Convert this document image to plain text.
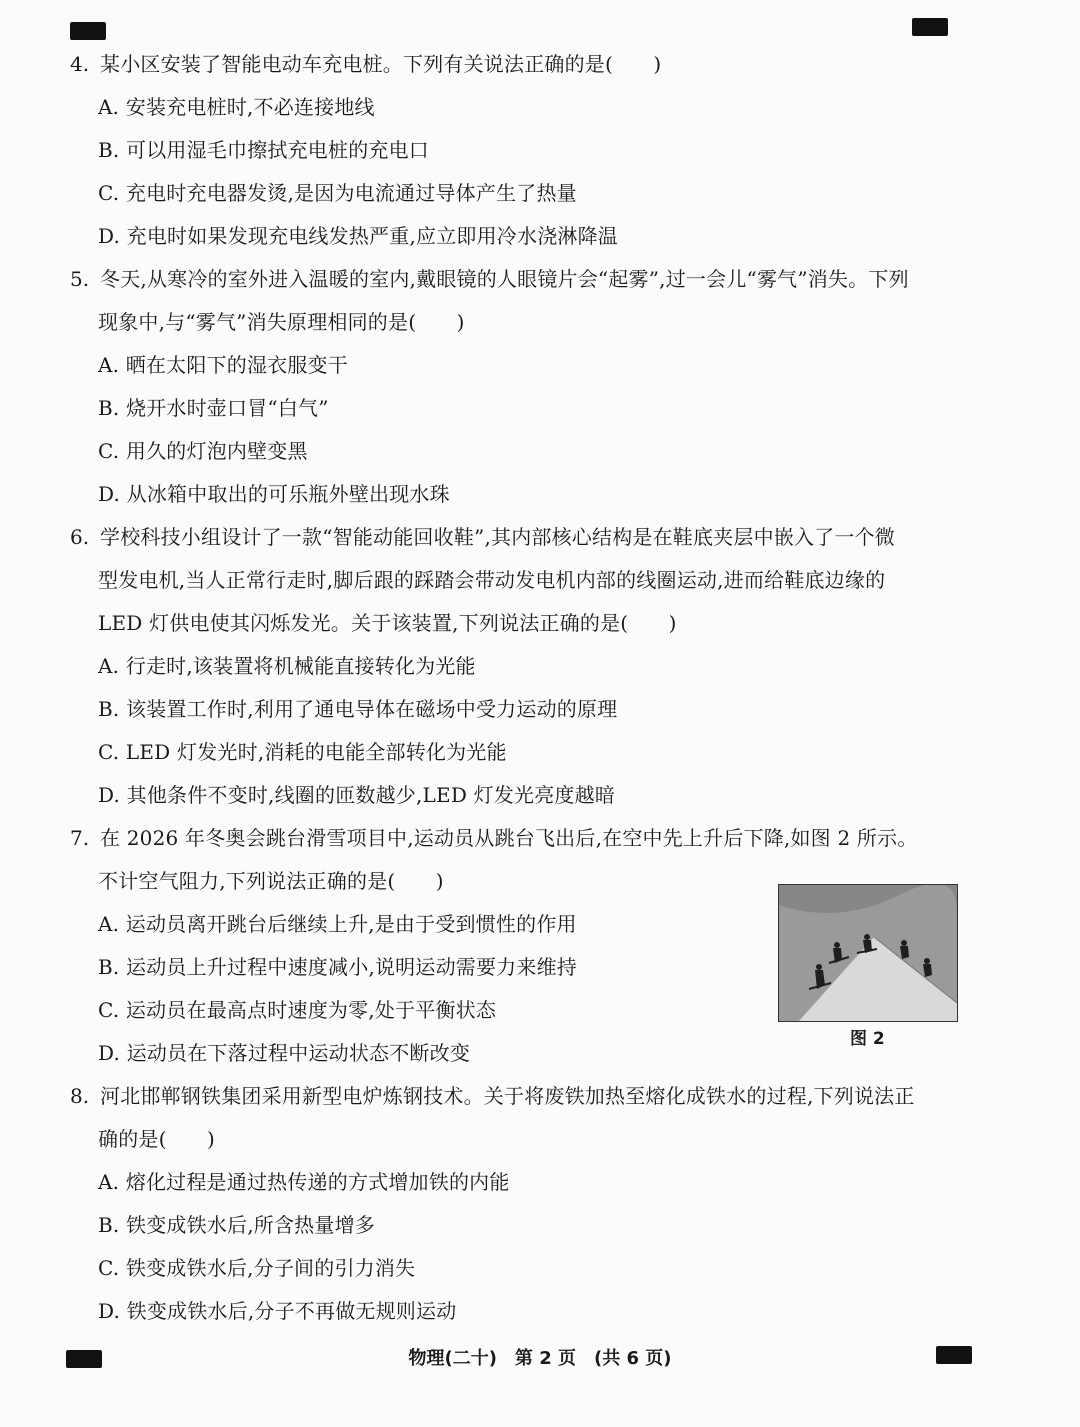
4. 某小区安装了智能电动车充电桩。下列有关说法正确的是(　　)
A. 安装充电桩时,不必连接地线
B. 可以用湿毛巾擦拭充电桩的充电口
C. 充电时充电器发烫,是因为电流通过导体产生了热量
D. 充电时如果发现充电线发热严重,应立即用冷水浇淋降温
5. 冬天,从寒冷的室外进入温暖的室内,戴眼镜的人眼镜片会“起雾”,过一会儿“雾气”消失。下列
现象中,与“雾气”消失原理相同的是(　　)
A. 晒在太阳下的湿衣服变干
B. 烧开水时壶口冒“白气”
C. 用久的灯泡内壁变黑
D. 从冰箱中取出的可乐瓶外壁出现水珠
6. 学校科技小组设计了一款“智能动能回收鞋”,其内部核心结构是在鞋底夹层中嵌入了一个微
型发电机,当人正常行走时,脚后跟的踩踏会带动发电机内部的线圈运动,进而给鞋底边缘的
LED 灯供电使其闪烁发光。关于该装置,下列说法正确的是(　　)
A. 行走时,该装置将机械能直接转化为光能
B. 该装置工作时,利用了通电导体在磁场中受力运动的原理
C. LED 灯发光时,消耗的电能全部转化为光能
D. 其他条件不变时,线圈的匝数越少,LED 灯发光亮度越暗
7. 在 2026 年冬奥会跳台滑雪项目中,运动员从跳台飞出后,在空中先上升后下降,如图 2 所示。
不计空气阻力,下列说法正确的是(　　)
A. 运动员离开跳台后继续上升,是由于受到惯性的作用
B. 运动员上升过程中速度减小,说明运动需要力来维持
C. 运动员在最高点时速度为零,处于平衡状态
D. 运动员在下落过程中运动状态不断改变
图 2
8. 河北邯郸钢铁集团采用新型电炉炼钢技术。关于将废铁加热至熔化成铁水的过程,下列说法正
确的是(　　)
A. 熔化过程是通过热传递的方式增加铁的内能
B. 铁变成铁水后,所含热量增多
C. 铁变成铁水后,分子间的引力消失
D. 铁变成铁水后,分子不再做无规则运动
物理(二十)　第 2 页　(共 6 页)
